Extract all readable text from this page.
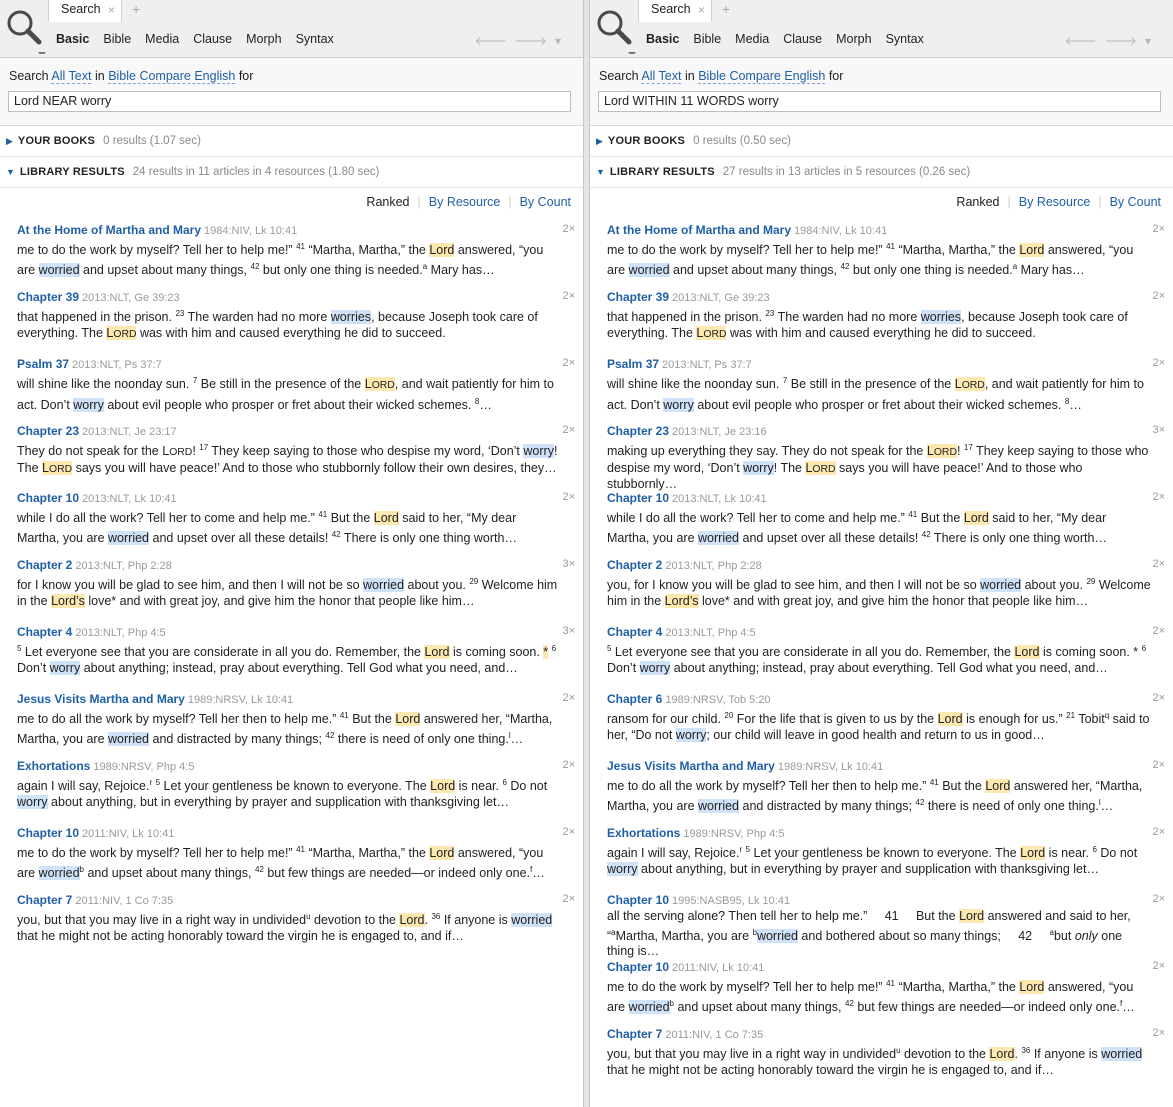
Search × +
Basic Bible Media Clause Morph Syntax	🡐🡒▾
Search All Text in Bible Compare English for
Lord NEAR worry
▶ YOUR BOOKS 0 results (1.07 sec)
▼ LIBRARY RESULTS 24 results in 11 articles in 4 resources (1.80 sec)
Ranked | By Resource | By Count
At the Home of Martha and Mary 1984:NIV, Lk 10:41	2×
me to do the work by myself? Tell her to help me!” $^{41}$ “Martha, Martha,” the Lord answered, “you are worried and upset about many things, $^{42}$ but only one thing is needed.$^a$ Mary has…
Chapter 39 2013:NLT, Ge 39:23	2×
that happened in the prison. $^{23}$ The warden had no more worries, because Joseph took care of everything. The LORD was with him and caused everything he did to succeed.
Psalm 37 2013:NLT, Ps 37:7	2×
will shine like the noonday sun. $^7$ Be still in the presence of the LORD, and wait patiently for him to act. Don’t worry about evil people who prosper or fret about their wicked schemes. $^8$…
Chapter 23 2013:NLT, Je 23:17	2×
They do not speak for the LORD! $^{17}$ They keep saying to those who despise my word, ‘Don’t worry! The LORD says you will have peace!’ And to those who stubbornly follow their own desires, they…
Chapter 10 2013:NLT, Lk 10:41	2×
while I do all the work? Tell her to come and help me.” $^{41}$ But the Lord said to her, “My dear Martha, you are worried and upset over all these details! $^{42}$ There is only one thing worth…
Chapter 2 2013:NLT, Php 2:28	3×
for I know you will be glad to see him, and then I will not be so worried about you. $^{29}$ Welcome him in the Lord’s love* and with great joy, and give him the honor that people like him…
Chapter 4 2013:NLT, Php 4:5	3×
$^5$ Let everyone see that you are considerate in all you do. Remember, the Lord is coming soon. * $^6$ Don’t worry about anything; instead, pray about everything. Tell God what you need, and…
Jesus Visits Martha and Mary 1989:NRSV, Lk 10:41	2×
me to do all the work by myself? Tell her then to help me.” $^{41}$ But the Lord answered her, “Martha, Martha, you are worried and distracted by many things; $^{42}$ there is need of only one thing.$^l$…
Exhortations 1989:NRSV, Php 4:5	2×
again I will say, Rejoice.$^r$ $^5$ Let your gentleness be known to everyone. The Lord is near. $^6$ Do not worry about anything, but in everything by prayer and supplication with thanksgiving let…
Chapter 10 2011:NIV, Lk 10:41	2×
me to do the work by myself? Tell her to help me!” $^{41}$ “Martha, Martha,” the Lord answered, “you are worried$^b$ and upset about many things, $^{42}$ but few things are needed—or indeed only one.$^f$…
Chapter 7 2011:NIV, 1 Co 7:35	2×
you, but that you may live in a right way in undivided$^u$ devotion to the Lord. $^{36}$ If anyone is worried that he might not be acting honorably toward the virgin he is engaged to, and if…
Search × +
Basic Bible Media Clause Morph Syntax	🡐🡒▾
Search All Text in Bible Compare English for
Lord WITHIN 11 WORDS worry
▶ YOUR BOOKS 0 results (0.50 sec)
▼ LIBRARY RESULTS 27 results in 13 articles in 5 resources (0.26 sec)
Ranked | By Resource | By Count
At the Home of Martha and Mary 1984:NIV, Lk 10:41	2×
me to do the work by myself? Tell her to help me!” $^{41}$ “Martha, Martha,” the Lord answered, “you are worried and upset about many things, $^{42}$ but only one thing is needed.$^a$ Mary has…
Chapter 39 2013:NLT, Ge 39:23	2×
that happened in the prison. $^{23}$ The warden had no more worries, because Joseph took care of everything. The LORD was with him and caused everything he did to succeed.
Psalm 37 2013:NLT, Ps 37:7	2×
will shine like the noonday sun. $^7$ Be still in the presence of the LORD, and wait patiently for him to act. Don’t worry about evil people who prosper or fret about their wicked schemes. $^8$…
Chapter 23 2013:NLT, Je 23:16	3×
making up everything they say. They do not speak for the LORD! $^{17}$ They keep saying to those who despise my word, ‘Don’t worry! The LORD says you will have peace!’ And to those who stubbornly…
Chapter 10 2013:NLT, Lk 10:41	2×
while I do all the work? Tell her to come and help me.” $^{41}$ But the Lord said to her, “My dear Martha, you are worried and upset over all these details! $^{42}$ There is only one thing worth…
Chapter 2 2013:NLT, Php 2:28	2×
you, for I know you will be glad to see him, and then I will not be so worried about you. $^{29}$ Welcome him in the Lord’s love* and with great joy, and give him the honor that people like him…
Chapter 4 2013:NLT, Php 4:5	2×
$^5$ Let everyone see that you are considerate in all you do. Remember, the Lord is coming soon. * $^6$ Don’t worry about anything; instead, pray about everything. Tell God what you need, and…
Chapter 6 1989:NRSV, Tob 5:20	2×
ransom for our child. $^{20}$ For the life that is given to us by the Lord is enough for us.” $^{21}$ Tobit$^q$ said to her, “Do not worry; our child will leave in good health and return to us in good…
Jesus Visits Martha and Mary 1989:NRSV, Lk 10:41	2×
me to do all the work by myself? Tell her then to help me.” $^{41}$ But the Lord answered her, “Martha, Martha, you are worried and distracted by many things; $^{42}$ there is need of only one thing.$^l$…
Exhortations 1989:NRSV, Php 4:5	2×
again I will say, Rejoice.$^r$ $^5$ Let your gentleness be known to everyone. The Lord is near. $^6$ Do not worry about anything, but in everything by prayer and supplication with thanksgiving let…
Chapter 10 1995:NASB95, Lk 10:41	2×
all the serving alone? Then tell her to help me.”     41     But the Lord answered and said to her, “$^a$Martha, Martha, you are $^b$worried and bothered about so many things;     42     $^a$but only one thing is…
Chapter 10 2011:NIV, Lk 10:41	2×
me to do the work by myself? Tell her to help me!” $^{41}$ “Martha, Martha,” the Lord answered, “you are worried$^b$ and upset about many things, $^{42}$ but few things are needed—or indeed only one.$^f$…
Chapter 7 2011:NIV, 1 Co 7:35	2×
you, but that you may live in a right way in undivided$^u$ devotion to the Lord. $^{36}$ If anyone is worried that he might not be acting honorably toward the virgin he is engaged to, and if…
